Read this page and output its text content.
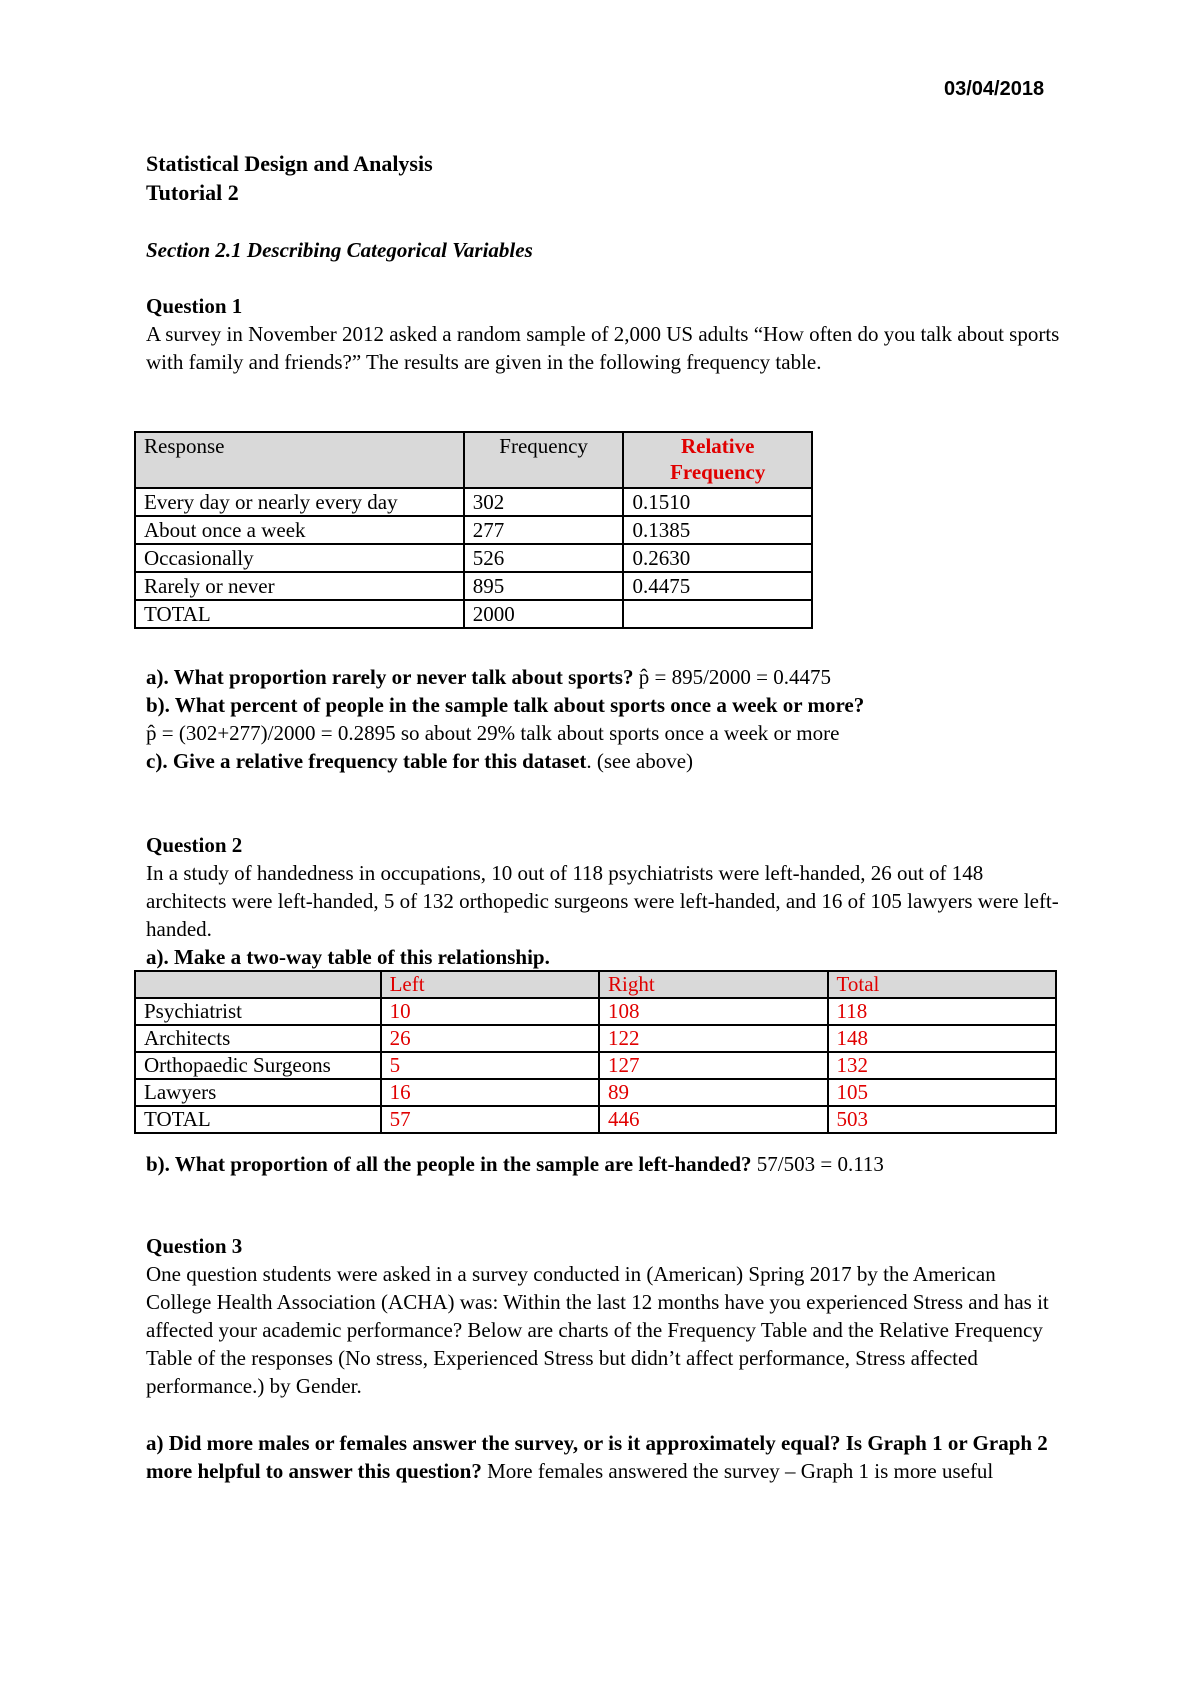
03/04/2018
Statistical Design and Analysis
Tutorial 2
Section 2.1 Describing Categorical Variables
Question 1

A survey in November 2012 asked a random sample of 2,000 US adults “How often do you talk about sports with family and friends?” The results are given in the following frequency table.

Response	Frequency	Relative Frequency
Every day or nearly every day	302	0.1510
About once a week	277	0.1385
Occasionally	526	0.2630
Rarely or never	895	0.4475
TOTAL	2000	
a). What proportion rarely or never talk about sports? p̂ = 895/2000 = 0.4475
b). What percent of people in the sample talk about sports once a week or more?
p̂ = (302+277)/2000 = 0.2895 so about 29% talk about sports once a week or more
c). Give a relative frequency table for this dataset. (see above)
Question 2

In a study of handedness in occupations, 10 out of 118 psychiatrists were left-handed, 26 out of 148 architects were left-handed, 5 of 132 orthopedic surgeons were left-handed, and 16 of 105 lawyers were left-handed.

a). Make a two-way table of this relationship.
	Left	Right	Total
Psychiatrist	10	108	118
Architects	26	122	148
Orthopaedic Surgeons	5	127	132
Lawyers	16	89	105
TOTAL	57	446	503
b). What proportion of all the people in the sample are left-handed? 57/503 = 0.113
Question 3

One question students were asked in a survey conducted in (American) Spring 2017 by the American College Health Association (ACHA) was: Within the last 12 months have you experienced Stress and has it affected your academic performance? Below are charts of the Frequency Table and the Relative Frequency Table of the responses (No stress, Experienced Stress but didn’t affect performance, Stress affected performance.) by Gender.

a) Did more males or females answer the survey, or is it approximately equal? Is Graph 1 or Graph 2 more helpful to answer this question? More females answered the survey – Graph 1 is more useful
